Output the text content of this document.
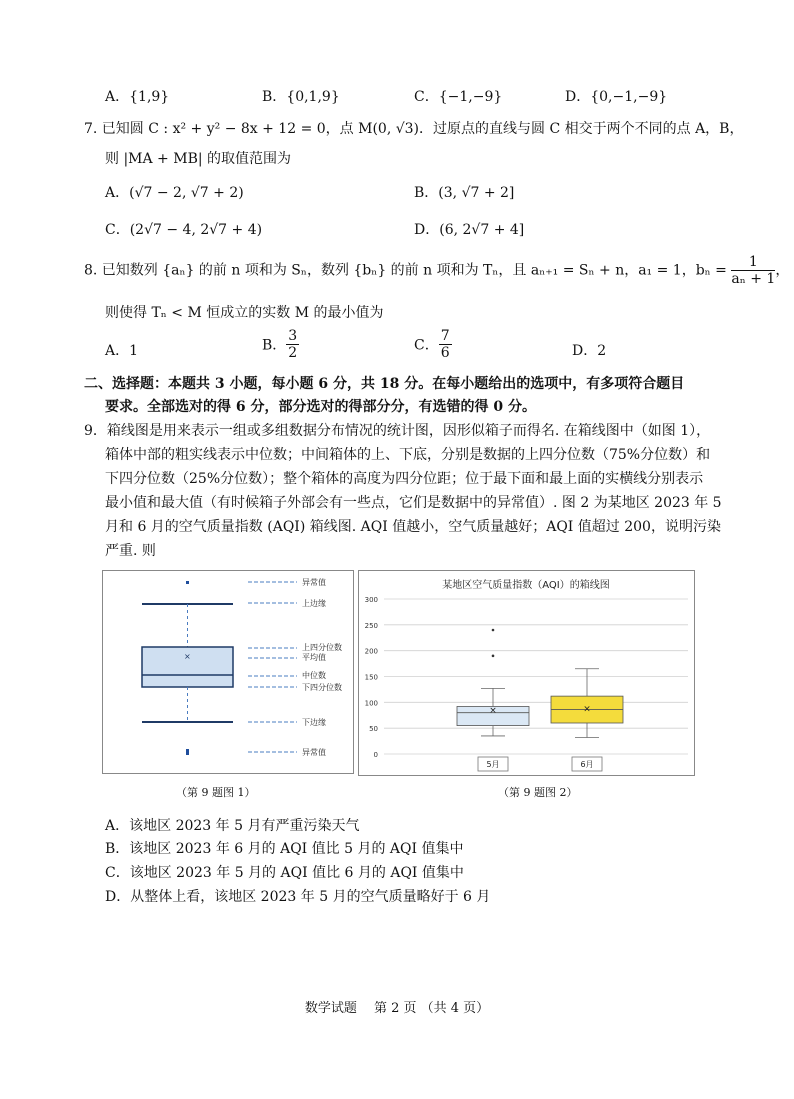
A．{1,9}	B．{0,1,9}	C．{−1,−9}	D．{0,−1,−9}
7. 已知圆 C : x² + y² − 8x + 12 = 0，点 M(0, √3)．过原点的直线与圆 C 相交于两个不同的点 A，B，
则 |MA + MB| 的取值范围为
A．(√7 − 2, √7 + 2)	B．(3, √7 + 2]
C．(2√7 − 4, 2√7 + 4)	D．(6, 2√7 + 4]
8. 已知数列 {aₙ} 的前 n 项和为 Sₙ，数列 {bₙ} 的前 n 项和为 Tₙ，且 aₙ₊₁ = Sₙ + n，a₁ = 1，$b_n = \frac{1}{\text{aₙ + 1}}$ ，
则使得 Tₙ < M 恒成立的实数 M 的最小值为
A．1	B． $\frac{3}{2}$	C． $\frac{7}{6}$	D．2
二、选择题：本题共 3 小题，每小题 6 分，共 18 分。在每小题给出的选项中，有多项符合题目
要求。全部选对的得 6 分，部分选对的得部分分，有选错的得 0 分。
9．箱线图是用来表示一组或多组数据分布情况的统计图，因形似箱子而得名. 在箱线图中（如图 1），
箱体中部的粗实线表示中位数；中间箱体的上、下底，分别是数据的上四分位数（75%分位数）和
下四分位数（25%分位数）；整个箱体的高度为四分位距；位于最下面和最上面的实横线分别表示
最小值和最大值（有时候箱子外部会有一些点，它们是数据中的异常值）. 图 2 为某地区 2023 年 5
月和 6 月的空气质量指数 (AQI) 箱线图. AQI 值越小，空气质量越好；AQI 值超过 200，说明污染
严重. 则
×
异常值
上边缘
上四分位数
平均值
中位数
下四分位数
下边缘
异常值
（第 9 题图 1）
某地区空气质量指数（AQI）的箱线图
0
50
100
150
200
250
300
×	×
5月	6月
（第 9 题图 2）
A．该地区 2023 年 5 月有严重污染天气
B．该地区 2023 年 6 月的 AQI 值比 5 月的 AQI 值集中
C．该地区 2023 年 5 月的 AQI 值比 6 月的 AQI 值集中
D．从整体上看，该地区 2023 年 5 月的空气质量略好于 6 月
数学试题　 第 2 页 （共 4 页）
